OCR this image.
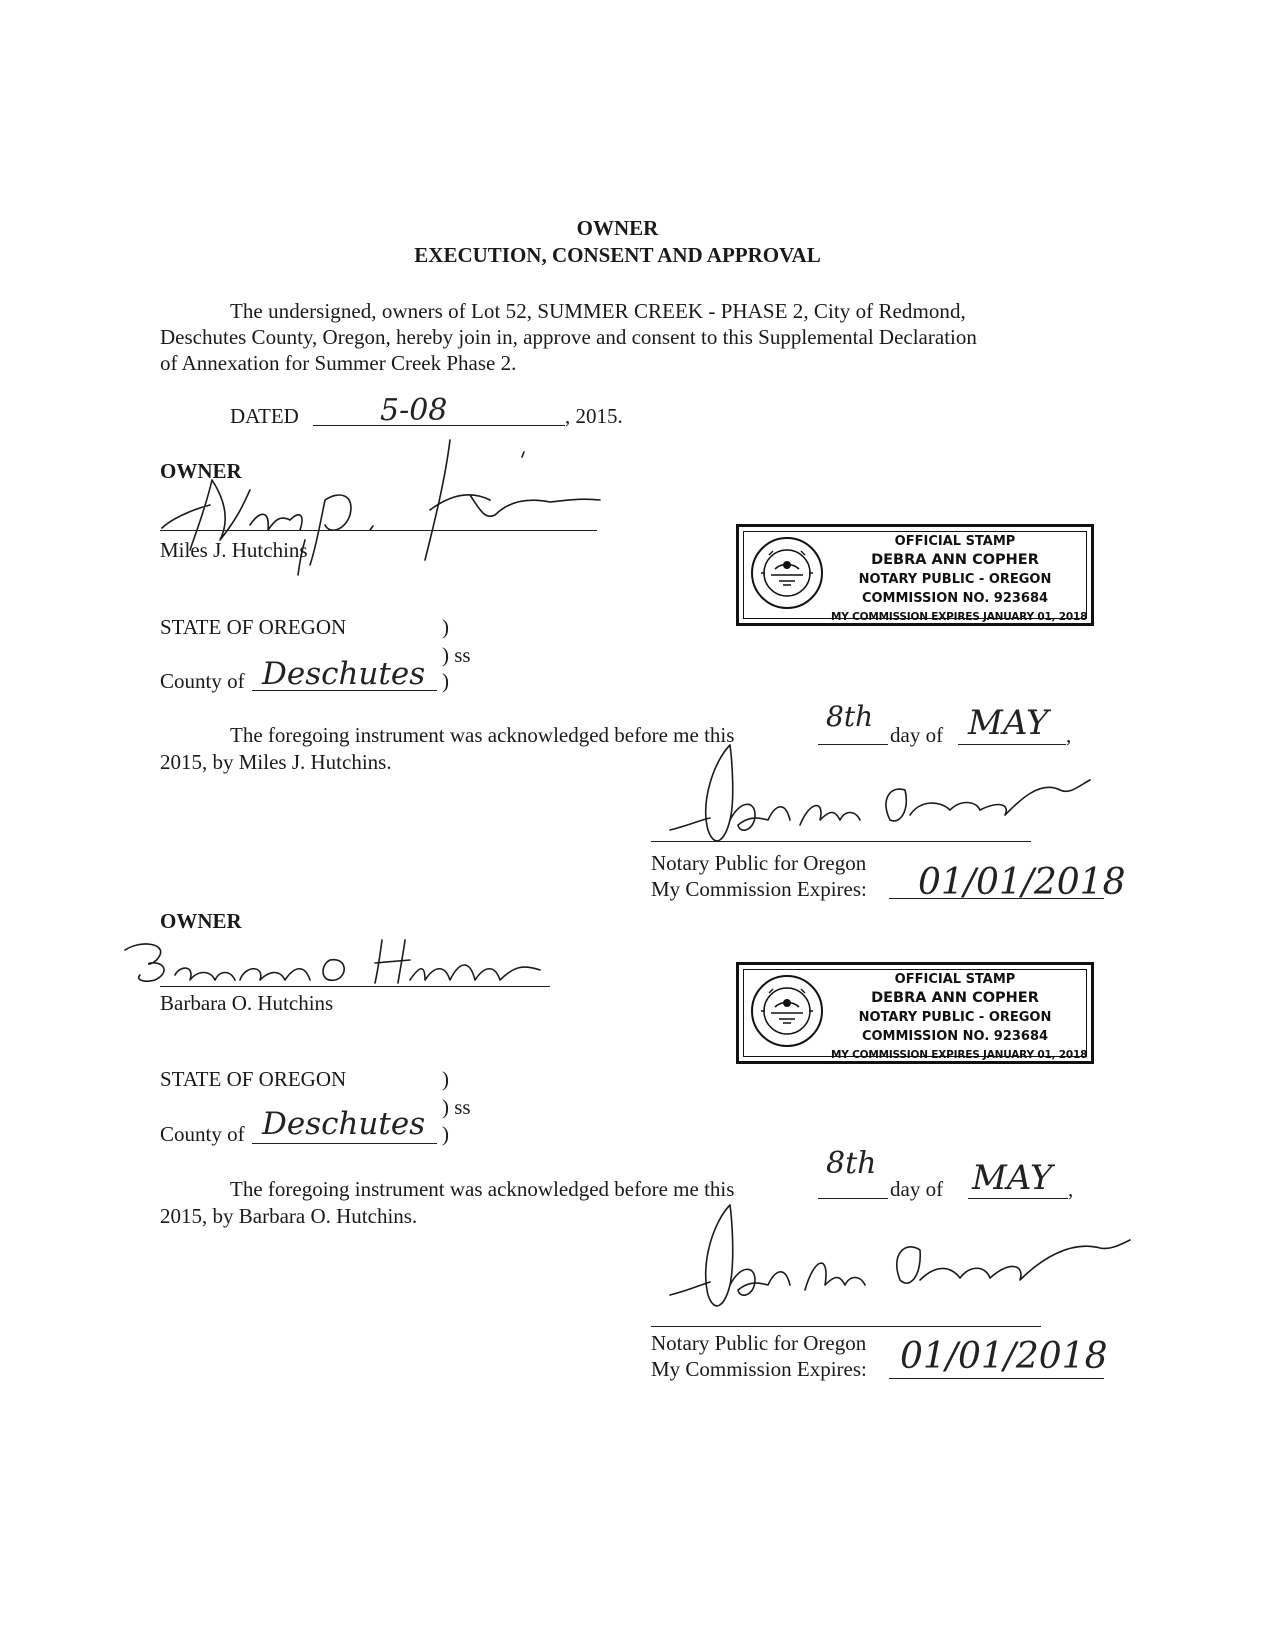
OWNER
EXECUTION, CONSENT AND APPROVAL
The undersigned, owners of Lot 52, SUMMER CREEK - PHASE 2, City of Redmond,
Deschutes County, Oregon, hereby join in, approve and consent to this Supplemental Declaration
of Annexation for Summer Creek Phase 2.
DATED	5-08	, 2015.
OWNER
Miles J. Hutchins	OFFICIAL STAMP
DEBRA ANN COPHER
NOTARY PUBLIC - OREGON
COMMISSION NO. 923684
MY COMMISSION EXPIRES JANUARY 01, 2018
STATE OF OREGON	)
) ss
County of Deschutes )
The foregoing instrument was acknowledged before me this
8th
day of MAY ,
2015, by Miles J. Hutchins.
Notary Public for Oregon
My Commission Expires: 01/01/2018
OWNER
Barbara O. Hutchins
OFFICIAL STAMP
DEBRA ANN COPHER
NOTARY PUBLIC - OREGON
COMMISSION NO. 923684
MY COMMISSION EXPIRES JANUARY 01, 2018
STATE OF OREGON	)
) ss
County of Deschutes )
The foregoing instrument was acknowledged before me this
8th
day of MAY ,
2015, by Barbara O. Hutchins.
Notary Public for Oregon
My Commission Expires: 01/01/2018
